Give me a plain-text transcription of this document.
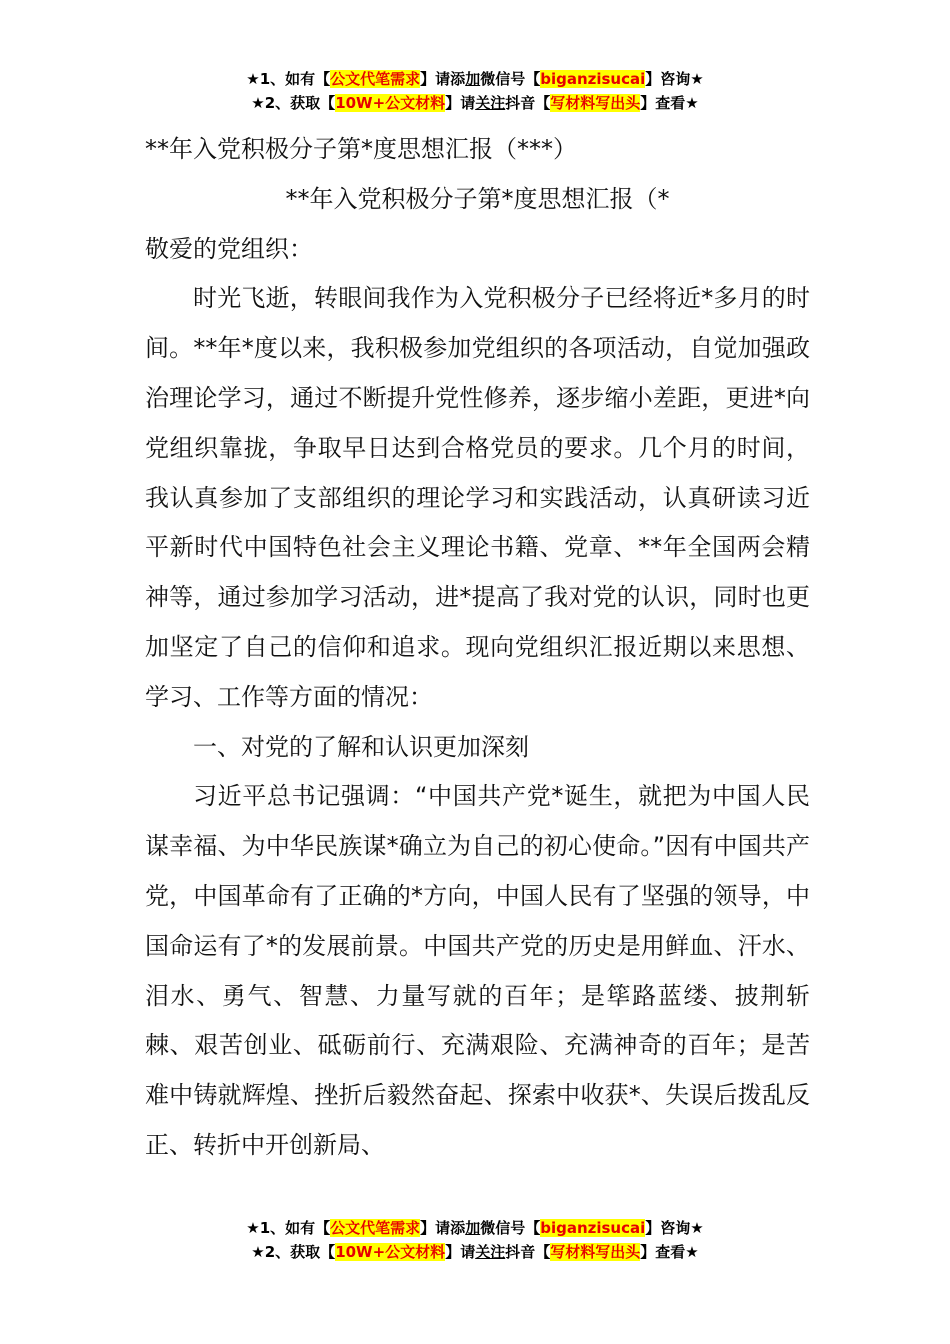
★1、如有【公文代笔需求】请添加微信号【biganzisucai】咨询★
★2、获取【10W+公文材料】请关注抖音【写材料写出头】查看★

**年入党积极分子第*度思想汇报（***）

**年入党积极分子第*度思想汇报（*

敬爱的党组织：

时光飞逝，转眼间我作为入党积极分子已经将近*多月的时间。**年*度以来，我积极参加党组织的各项活动，自觉加强政治理论学习，通过不断提升党性修养，逐步缩小差距，更进*向党组织靠拢，争取早日达到合格党员的要求。几个月的时间，我认真参加了支部组织的理论学习和实践活动，认真研读习近平新时代中国特色社会主义理论书籍、党章、**年全国两会精神等，通过参加学习活动，进*提高了我对党的认识，同时也更加坚定了自己的信仰和追求。现向党组织汇报近期以来思想、学习、工作等方面的情况：

一、对党的了解和认识更加深刻

习近平总书记强调：“中国共产党*诞生，就把为中国人民谋幸福、为中华民族谋*确立为自己的初心使命。”因有中国共产党，中国革命有了正确的*方向，中国人民有了坚强的领导，中国命运有了*的发展前景。中国共产党的历史是用鲜血、汗水、泪水、勇气、智慧、力量写就的百年；是筚路蓝缕、披荆斩棘、艰苦创业、砥砺前行、充满艰险、充满神奇的百年；是苦难中铸就辉煌、挫折后毅然奋起、探索中收获*、失误后拨乱反正、转折中开创新局、

★1、如有【公文代笔需求】请添加微信号【biganzisucai】咨询★
★2、获取【10W+公文材料】请关注抖音【写材料写出头】查看★
